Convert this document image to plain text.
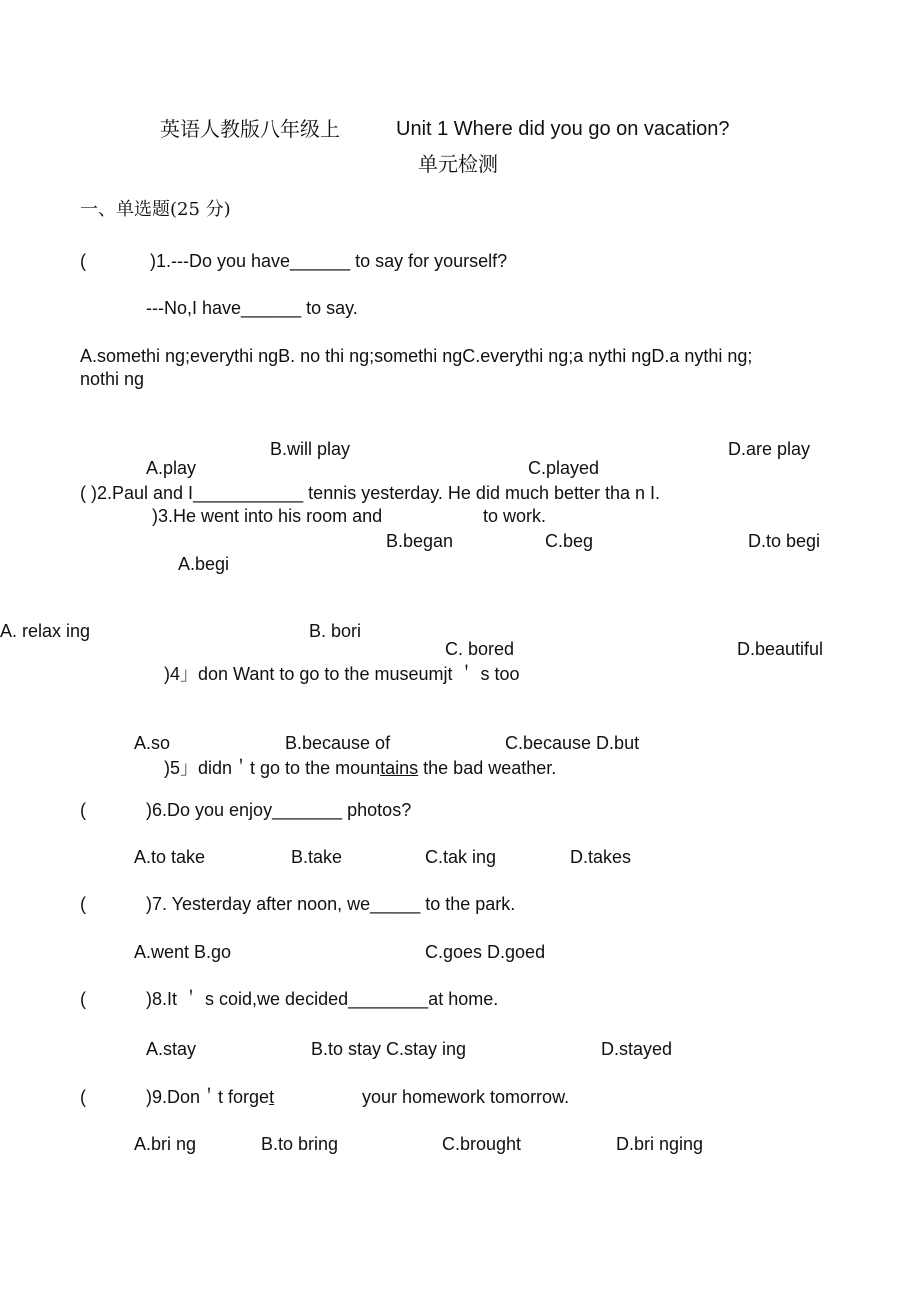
英语人教版八年级上	Unit 1 Where did you go on vacation?
单元检测
一、单选题(25 分)
(	)1.---Do you have______ to say for yourself?
---No,I have______ to say.
A.somethi ng;everythi ngB. no thi ng;somethi ngC.everythi ng;a nythi ngD.a nythi ng;
nothi ng
B.will play	D.are play
A.play	C.played
( )2.Paul and I___________ tennis yesterday. He did much better tha n I.
)3.He went into his room and	to work.
B.began	C.beg	D.to begi
A.begi
A. relax ing	B. bori
C. bored	D.beautiful
)4」don Want to go to the museumjt ＇ s too
A.so	B.because of	C.because D.but
)5」didn＇t go to the mountains the bad weather.
(	)6.Do you enjoy_______ photos?
A.to take	B.take	C.tak ing	D.takes
(	)7. Yesterday after noon, we_____ to the park.
A.went B.go	C.goes D.goed
(	)8.It ＇ s coid,we decided________at home.
A.stay	B.to stay C.stay ing	D.stayed
(	)9.Don＇t forget	your homework tomorrow.
A.bri ng	B.to bring	C.brought	D.bri nging
